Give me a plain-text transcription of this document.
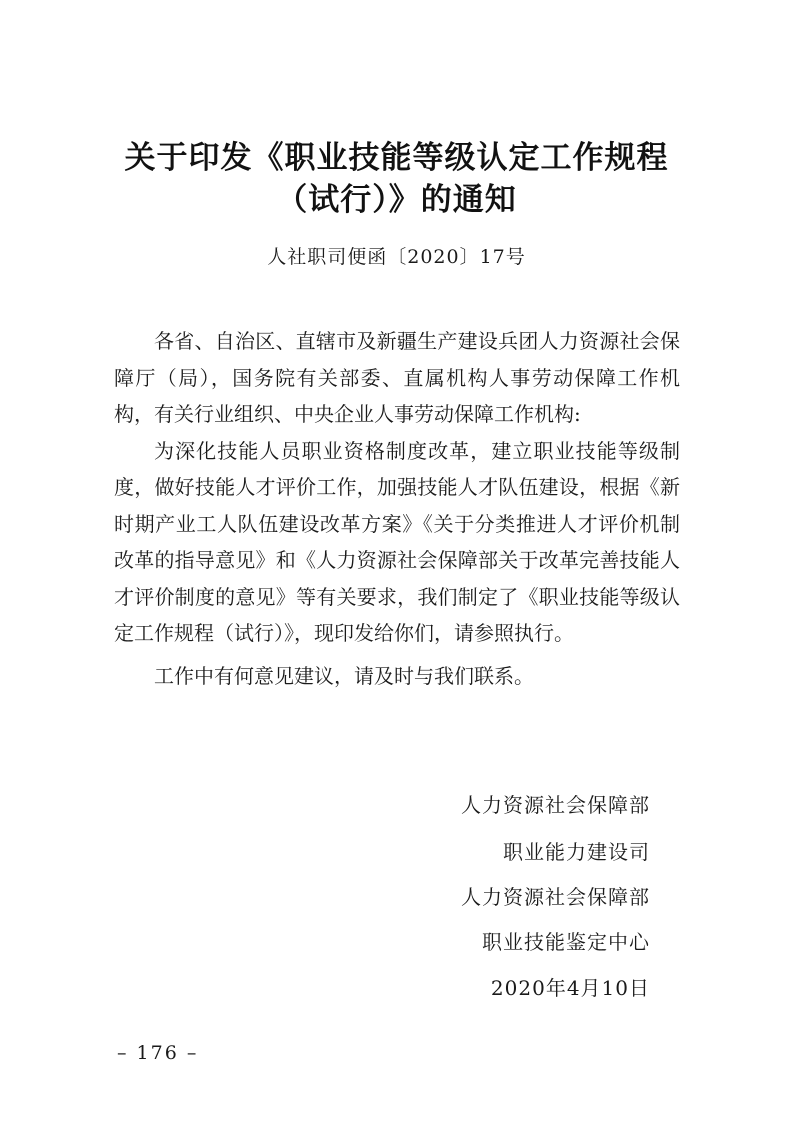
关于印发《职业技能等级认定工作规程
（试行）》的通知
人社职司便函〔2020〕17号

各省、自治区、直辖市及新疆生产建设兵团人力资源社会保障厅（局），国务院有关部委、直属机构人事劳动保障工作机构，有关行业组织、中央企业人事劳动保障工作机构:

为深化技能人员职业资格制度改革，建立职业技能等级制度，做好技能人才评价工作，加强技能人才队伍建设，根据《新时期产业工人队伍建设改革方案》《关于分类推进人才评价机制改革的指导意见》和《人力资源社会保障部关于改革完善技能人才评价制度的意见》等有关要求，我们制定了《职业技能等级认定工作规程（试行）》，现印发给你们，请参照执行。

工作中有何意见建议，请及时与我们联系。

人力资源社会保障部
职业能力建设司
人力资源社会保障部
职业技能鉴定中心
2020年4月10日
– 176 –
